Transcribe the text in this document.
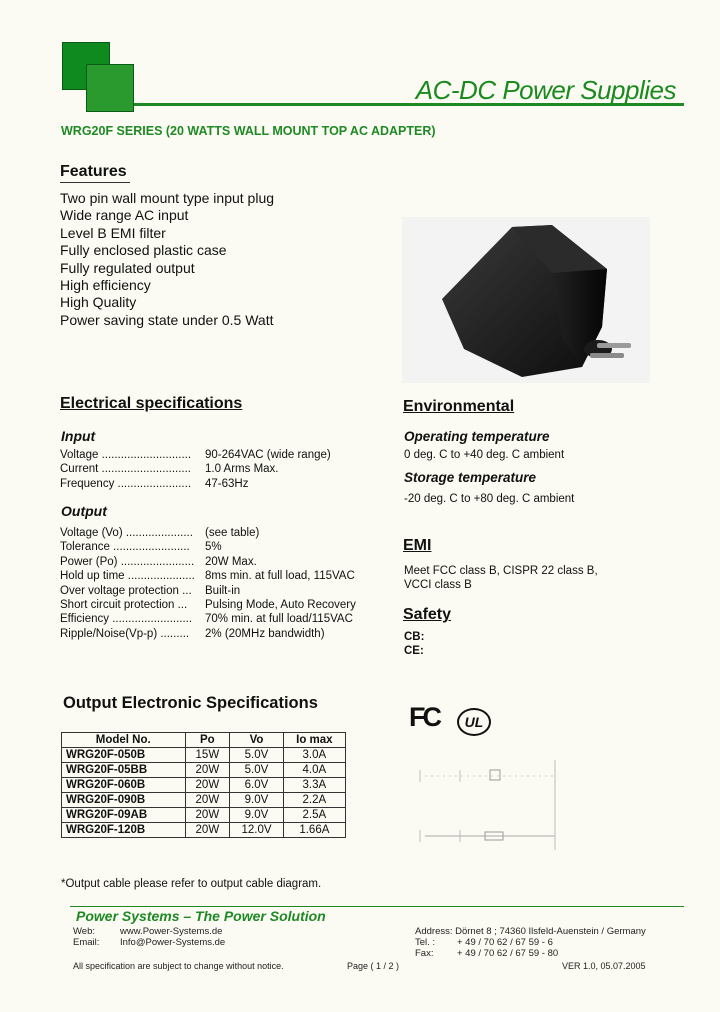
AC-DC Power Supplies
WRG20F SERIES (20 WATTS WALL MOUNT TOP AC ADAPTER)
Features
Two pin wall mount type input plug
Wide range AC input
Level B EMI filter
Fully enclosed plastic case
Fully regulated output
High efficiency
High Quality
Power saving state under 0.5 Watt
Electrical specifications
Input
Voltage ............................ 90-264VAC (wide range)
Current ............................ 1.0 Arms Max.
Frequency ....................... 47-63Hz
Output
Voltage (Vo) ..................... (see table)
Tolerance ........................ 5%
Power (Po) ....................... 20W Max.
Hold up time ..................... 8ms min. at full load, 115VAC
Over voltage protection ... Built-in
Short circuit protection ... Pulsing Mode, Auto Recovery
Efficiency ......................... 70% min. at full load/115VAC
Ripple/Noise(Vp-p) ......... 2% (20MHz bandwidth)
Environmental
Operating temperature
0 deg. C to +40 deg. C ambient
Storage temperature
-20 deg. C to +80 deg. C ambient
EMI
Meet FCC class B, CISPR 22 class B,
VCCI class B
Safety
CB:
CE:
FC	UL
Output Electronic Specifications
Model No.	Po	Vo	Io max
WRG20F-050B	15W	5.0V	3.0A
WRG20F-05BB	20W	5.0V	4.0A
WRG20F-060B	20W	6.0V	3.3A
WRG20F-090B	20W	9.0V	2.2A
WRG20F-09AB	20W	9.0V	2.5A
WRG20F-120B	20W	12.0V	1.66A
*Output cable please refer to output cable diagram.
Power Systems – The Power Solution
Web:	www.Power-Systems.de
Email: Info@Power-Systems.de
Address: Dörnet 8 ; 74360 Ilsfeld-Auenstein / Germany
Tel. : + 49 / 70 62 / 67 59 - 6
Fax: + 49 / 70 62 / 67 59 - 80
All specification are subject to change without notice.	Page ( 1 / 2 )	VER 1.0, 05.07.2005
